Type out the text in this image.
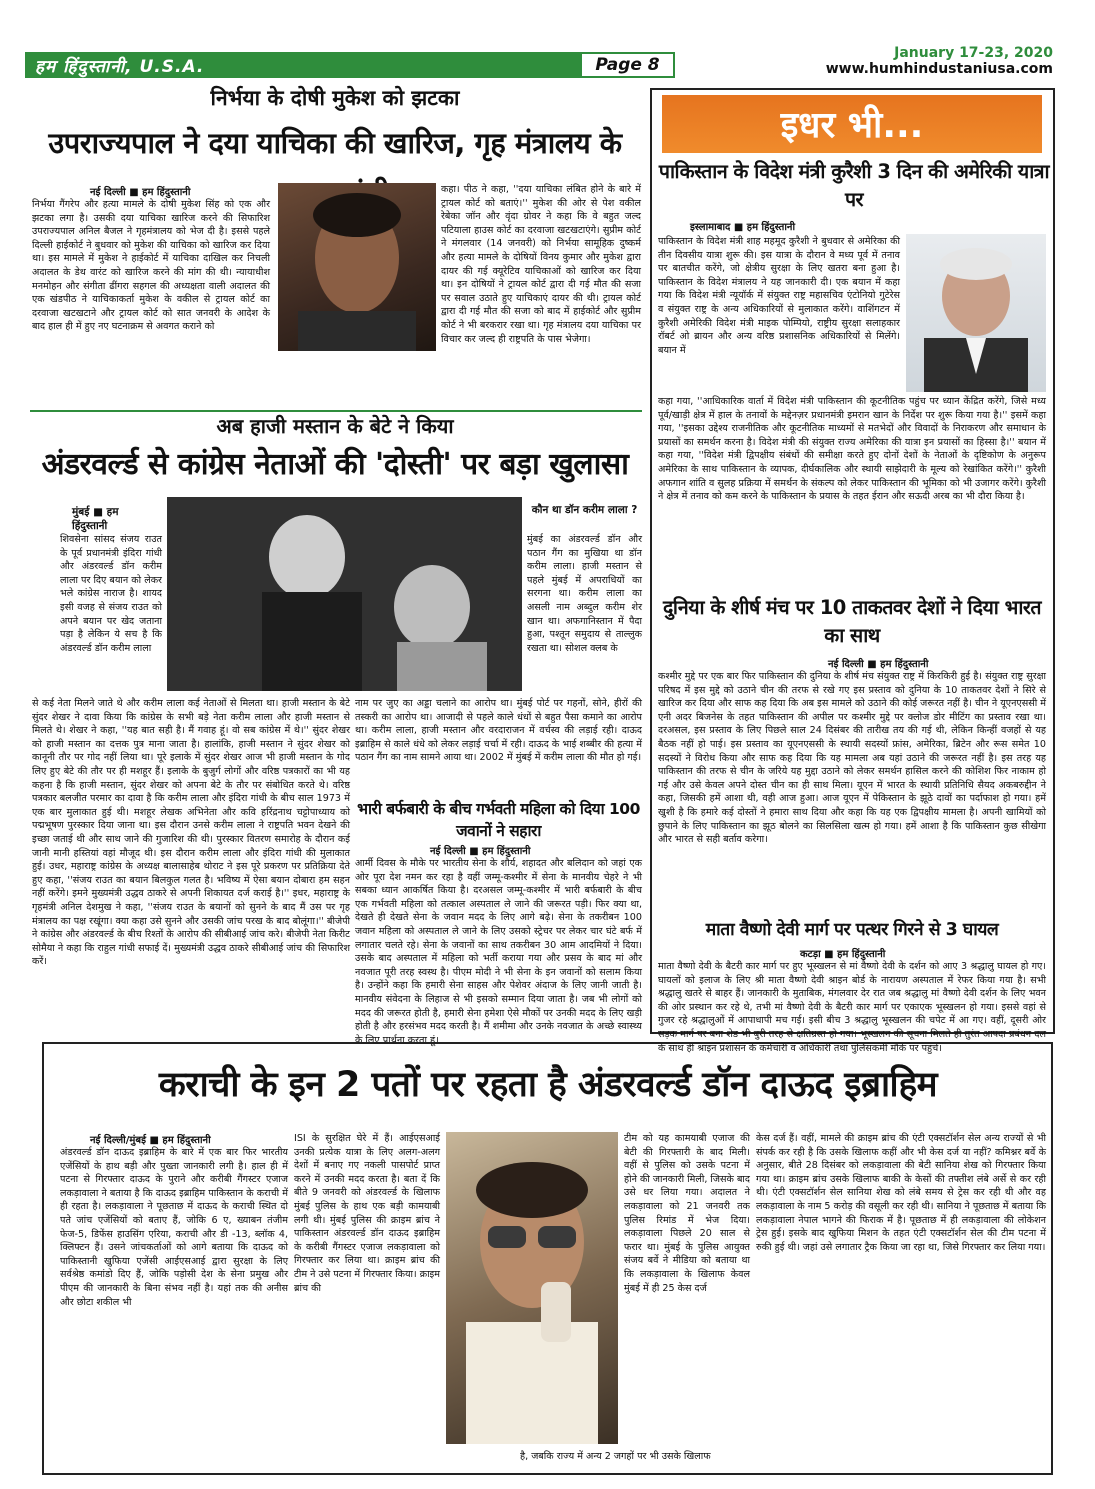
हम हिंदुस्तानी, U.S.A.	Page 8
January 17-23, 2020
www.humhindustaniusa.com
निर्भया के दोषी मुकेश को झटका
उपराज्यपाल ने दया याचिका की खारिज, गृह मंत्रालय के
नई दिल्ली ■ हम हिंदुस्तानी
निर्भया गैंगरेप और हत्या मामले के दोषी मुकेश सिंह को एक और झटका लगा है। उसकी दया याचिका खारिज करने की सिफारिश उपराज्यपाल अनिल बैजल ने गृहमंत्रालय को भेज दी है। इससे पहले दिल्ली हाईकोर्ट ने बुधवार को मुकेश की याचिका को खारिज कर दिया था। इस मामले में मुकेश ने हाईकोर्ट में याचिका दाखिल कर निचली अदालत के डेथ वारंट को खारिज करने की मांग की थी। न्यायाधीश मनमोहन और संगीता ढींगरा सहगल की अध्यक्षता वाली अदालत की एक खंडपीठ ने याचिकाकर्ता मुकेश के वकील से ट्रायल कोर्ट का दरवाजा खटखटाने और ट्रायल कोर्ट को सात जनवरी के आदेश के बाद हाल ही में हुए नए घटनाक्रम से अवगत कराने को
कहा। पीठ ने कहा, ''दया याचिका लंबित होने के बारे में ट्रायल कोर्ट को बताएं।'' मुकेश की ओर से पेश वकील रेबेका जॉन और वृंदा ग्रोवर ने कहा कि वे बहुत जल्द पटियाला हाउस कोर्ट का दरवाजा खटखटाएंगे। सुप्रीम कोर्ट ने मंगलवार (14 जनवरी) को निर्भया सामूहिक दुष्कर्म और हत्या मामले के दोषियों विनय कुमार और मुकेश द्वारा दायर की गई क्यूरेटिव याचिकाओं को खारिज कर दिया था। इन दोषियों ने ट्रायल कोर्ट द्वारा दी गई मौत की सजा पर सवाल उठाते हुए याचिकाएं दायर की थी। ट्रायल कोर्ट द्वारा दी गई मौत की सजा को बाद में हाईकोर्ट और सुप्रीम कोर्ट ने भी बरकरार रखा था। गृह मंत्रालय दया याचिका पर विचार कर जल्द ही राष्ट्रपति के पास भेजेगा।
अब हाजी मस्तान के बेटे ने किया
अंडरवर्ल्ड से कांग्रेस नेताओं की 'दोस्ती' पर बड़ा खुलासा
मुंबई ■ हम हिंदुस्तानी
शिवसेना सांसद संजय राउत के पूर्व प्रधानमंत्री इंदिरा गांधी और अंडरवर्ल्ड डॉन करीम लाला पर दिए बयान को लेकर भले कांग्रेस नाराज है। शायद इसी वजह से संजय राउत को अपने बयान पर खेद जताना पड़ा है लेकिन ये सच है कि अंडरवर्ल्ड डॉन करीम लाला
कौन था डॉन करीम लाला ?
मुंबई का अंडरवर्ल्ड डॉन और पठान गैंग का मुखिया था डॉन करीम लाला। हाजी मस्तान से पहले मुंबई में अपराधियों का सरगना था। करीम लाला का असली नाम अब्दुल करीम शेर खान था। अफगानिस्तान में पैदा हुआ, पश्तून समुदाय से ताल्लुक रखता था। सोशल क्लब के
से कई नेता मिलने जाते थे और करीम लाला कई नेताओं से मिलता था। हाजी मस्तान के बेटे सुंदर शेखर ने दावा किया कि कांग्रेस के सभी बड़े नेता करीम लाला और हाजी मस्तान से मिलते थे। शेखर ने कहा, ''यह बात सही है। मैं गवाह हूं। वो सब कांग्रेस में थे।'' सुंदर शेखर को हाजी मस्तान का दत्तक पुत्र माना जाता है। हालांकि, हाजी मस्तान ने सुंदर शेखर को कानूनी तौर पर गोद नहीं लिया था। पूरे इलाके में सुंदर शेखर आज भी हाजी मस्तान के गोद लिए हुए बेटे की तौर पर ही मशहूर हैं। इलाके के बुजुर्ग लोगों और वरिष्ठ पत्रकारों का भी यह कहना है कि हाजी मस्तान, सुंदर शेखर को अपना बेटे के तौर पर संबोधित करते थे। वरिष्ठ पत्रकार बलजीत परमार का दावा है कि करीम लाला और इंदिरा गांधी के बीच साल 1973 में एक बार मुलाकात हुई थी। मशहूर लेखक अभिनेता और कवि हरिंद्रनाथ चट्टोपाध्याय को पद्मभूषण पुरस्कार दिया जाना था। इस दौरान उनसे करीम लाला ने राष्ट्रपति भवन देखने की इच्छा जताई थी और साथ जाने की गुजारिश की थी। पुरस्कार वितरण समारोह के दौरान कई जानी मानी हस्तियां वहां मौजूद थी। इस दौरान करीम लाला और इंदिरा गांधी की मुलाकात हुई। उधर, महाराष्ट्र कांग्रेस के अध्यक्ष बालासाहेब थोराट ने इस पूरे प्रकरण पर प्रतिक्रिया देते हुए कहा, ''संजय राउत का बयान बिलकुल गलत है। भविष्य में ऐसा बयान दोबारा हम सहन नहीं करेंगे। इमने मुख्यमंत्री उद्धव ठाकरे से अपनी शिकायत दर्ज कराई है।'' इधर, महाराष्ट्र के गृहमंत्री अनिल देशमुख ने कहा, ''संजय राउत के बयानों को सुनने के बाद मैं उस पर गृह मंत्रालय का पक्ष रखूंगा। क्या कहा उसे सुनने और उसकी जांच परख के बाद बोलूंगा।'' बीजेपी ने कांग्रेस और अंडरवर्ल्ड के बीच रिश्तों के आरोप की सीबीआई जांच करे। बीजेपी नेता किरीट सोमैया ने कहा कि राहुल गांधी सफाई दें। मुख्यमंत्री उद्धव ठाकरे सीबीआई जांच की सिफारिश करें।
नाम पर जुए का अड्डा चलाने का आरोप था। मुंबई पोर्ट पर गहनों, सोने, हीरों की तस्करी का आरोप था। आजादी से पहले काले धंधों से बहुत पैसा कमाने का आरोप था। करीम लाला, हाजी मस्तान और वरदाराजन में वर्चस्व की लड़ाई रही। दाऊद इब्राहिम से काले धंधे को लेकर लड़ाई चर्चा में रही। दाऊद के भाई शब्बीर की हत्या में पठान गैंग का नाम सामने आया था। 2002 में मुंबई में करीम लाला की मौत हो गई।
भारी बर्फबारी के बीच गर्भवती महिला को दिया 100 जवानों ने सहारा
नई दिल्ली ■ हम हिंदुस्तानी
आर्मी दिवस के मौके पर भारतीय सेना के शौर्य, शहादत और बलिदान को जहां एक ओर पूरा देश नमन कर रहा है वहीं जम्मू-कश्मीर में सेना के मानवीय चेहरे ने भी सबका ध्यान आकर्षित किया है। दरअसल जम्मू-कश्मीर में भारी बर्फबारी के बीच एक गर्भवती महिला को तत्काल अस्पताल ले जाने की जरूरत पड़ी। फिर क्या था, देखते ही देखते सेना के जवान मदद के लिए आगे बढ़े। सेना के तकरीबन 100 जवान महिला को अस्पताल ले जाने के लिए उसको स्ट्रेचर पर लेकर चार घंटे बर्फ में लगातार चलते रहे। सेना के जवानों का साथ तकरीबन 30 आम आदमियों ने दिया। उसके बाद अस्पताल में महिला को भर्ती कराया गया और प्रसव के बाद मां और नवजात पूरी तरह स्वस्थ है। पीएम मोदी ने भी सेना के इन जवानों को सलाम किया है। उन्होंने कहा कि हमारी सेना साहस और पेशेवर अंदाज के लिए जानी जाती है। मानवीय संवेदना के लिहाज से भी इसको सम्मान दिया जाता है। जब भी लोगों को मदद की जरूरत होती है, हमारी सेना हमेशा ऐसे मौकों पर उनकी मदद के लिए खड़ी होती है और हरसंभव मदद करती है। मैं शमीमा और उनके नवजात के अच्छे स्वास्थ्य के लिए प्रार्थना करता हूं।
इधर भी...
पाकिस्तान के विदेश मंत्री कुरैशी 3 दिन की अमेरिकी यात्रा पर
इस्लामाबाद ■ हम हिंदुस्तानी
पाकिस्तान के विदेश मंत्री शाह महमूद कुरैशी ने बुधवार से अमेरिका की तीन दिवसीय यात्रा शुरू की। इस यात्रा के दौरान वे मध्य पूर्व में तनाव पर बातचीत करेंगे, जो क्षेत्रीय सुरक्षा के लिए खतरा बना हुआ है। पाकिस्तान के विदेश मंत्रालय ने यह जानकारी दी। एक बयान में कहा गया कि विदेश मंत्री न्यूयॉर्क में संयुक्त राष्ट्र महासचिव एंटोनियो गुटेरेस व संयुक्त राष्ट्र के अन्य अधिकारियों से मुलाकात करेंगे। वाशिंगटन में कुरैशी अमेरिकी विदेश मंत्री माइक पोम्पियो, राष्ट्रीय सुरक्षा सलाहकार रॉबर्ट ओ ब्रायन और अन्य वरिष्ठ प्रशासनिक अधिकारियों से मिलेंगे। बयान में
कहा गया, ''आधिकारिक वार्ता में विदेश मंत्री पाकिस्तान की कूटनीतिक पहुंच पर ध्यान केंद्रित करेंगे, जिसे मध्य पूर्व/खाड़ी क्षेत्र में हाल के तनावों के मद्देनज़र प्रधानमंत्री इमरान खान के निर्देश पर शुरू किया गया है।'' इसमें कहा गया, ''इसका उद्देश्य राजनीतिक और कूटनीतिक माध्यमों से मतभेदों और विवादों के निराकरण और समाधान के प्रयासों का समर्थन करना है। विदेश मंत्री की संयुक्त राज्य अमेरिका की यात्रा इन प्रयासों का हिस्सा है।'' बयान में कहा गया, ''विदेश मंत्री द्विपक्षीय संबंधों की समीक्षा करते हुए दोनों देशों के नेताओं के दृष्टिकोण के अनुरूप अमेरिका के साथ पाकिस्तान के व्यापक, दीर्घकालिक और स्थायी साझेदारी के मूल्य को रेखांकित करेंगे।'' कुरैशी अफगान शांति व सुलह प्रक्रिया में समर्थन के संकल्प को लेकर पाकिस्तान की भूमिका को भी उजागर करेंगे। कुरैशी ने क्षेत्र में तनाव को कम करने के पाकिस्तान के प्रयास के तहत ईरान और सऊदी अरब का भी दौरा किया है।
दुनिया के शीर्ष मंच पर 10 ताकतवर देशों ने दिया भारत का साथ
नई दिल्ली ■ हम हिंदुस्तानी
कश्मीर मुद्दे पर एक बार फिर पाकिस्तान की दुनिया के शीर्ष मंच संयुक्त राष्ट्र में किरकिरी हुई है। संयुक्त राष्ट्र सुरक्षा परिषद में इस मुद्दे को उठाने चीन की तरफ से रखे गए इस प्रस्ताव को दुनिया के 10 ताकतवर देशों ने सिरे से खारिज कर दिया और साफ कह दिया कि अब इस मामले को उठाने की कोई जरूरत नहीं है। चीन ने यूएनएससी में एनी अदर बिजनेस के तहत पाकिस्तान की अपील पर कश्मीर मुद्दे पर क्लोज डोर मीटिंग का प्रस्ताव रखा था। दरअसल, इस प्रस्ताव के लिए पिछले साल 24 दिसंबर की तारीख तय की गई थी, लेकिन किन्हीं वजहों से यह बैठक नहीं हो पाई। इस प्रस्ताव का यूएनएससी के स्थायी सदस्यों फ्रांस, अमेरिका, ब्रिटेन और रूस समेत 10 सदस्यों ने विरोध किया और साफ कह दिया कि यह मामला अब यहां उठाने की जरूरत नहीं है। इस तरह यह पाकिस्तान की तरफ से चीन के जरिये यह मुद्दा उठाने को लेकर समर्थन हासिल करने की कोशिश फिर नाकाम हो गई और उसे केवल अपने दोस्त चीन का ही साथ मिला। यूएन में भारत के स्थायी प्रतिनिधि सैयद अकबरुद्दीन ने कहा, जिसकी हमें आशा थी, वही आज हुआ। आज यूएन में पेकिस्तान के झूठे दावों का पर्दाफाश हो गया। हमें खुशी है कि हमारे कई दोस्तों ने हमारा साथ दिया और कहा कि यह एक द्विपक्षीय मामला है। अपनी खामियों को छुपाने के लिए पाकिस्तान का झूठ बोलने का सिलसिला खत्म हो गया। हमें आशा है कि पाकिस्तान कुछ सीखेगा और भारत से सही बर्ताव करेगा।
माता वैष्णो देवी मार्ग पर पत्थर गिरने से 3 घायल
कटड़ा ■ हम हिंदुस्तानी
माता वैष्णो देवी के बैटरी कार मार्ग पर हुए भूस्खलन से मां वैष्णो देवी के दर्शन को आए 3 श्रद्धालु घायल हो गए। घायलों को इलाज के लिए श्री माता वैष्णो देवी श्राइन बोर्ड के नारायण अस्पताल में रेफर किया गया है। सभी श्रद्धालु खतरे से बाहर हैं। जानकारी के मुताबिक, मंगलवार देर रात जब श्रद्धालु मां वैष्णो देवी दर्शन के लिए भवन की ओर प्रस्थान कर रहे थे, तभी मां वैष्णो देवी के बैटरी कार मार्ग पर एकाएक भूस्खलन हो गया। इससे वहां से गुजर रहे श्रद्धालुओं में आपाधापी मच गई। इसी बीच 3 श्रद्धालु भूस्खलन की चपेट में आ गए। वहीं, दूसरी ओर सड़क मार्ग पर बना शेड भी बुरी तरह से क्षतिग्रस्त हो गया। भूस्खलन की सूचना मिलते ही तुरंत आपदा प्रबंधन दल के साथ ही श्राइन प्रशासन के कर्मचारी व अधिकारी तथा पुलिसकर्मी मौके पर पहुंचे।
कराची के इन 2 पतों पर रहता है अंडरवर्ल्ड डॉन दाऊद इब्राहिम
नई दिल्ली/मुंबई ■ हम हिंदुस्तानी
अंडरवर्ल्ड डॉन दाऊद इब्राहिम के बारे में एक बार फिर भारतीय एजेंसियों के हाथ बड़ी और पुख्ता जानकारी लगी है। हाल ही में पटना से गिरफ्तार दाऊद के पुराने और करीबी गैंगस्टर एजाज लकड़ावाला ने बताया है कि दाऊद इब्राहिम पाकिस्तान के कराची में ही रहता है। लकड़ावाला ने पूछताछ में दाऊद के कराची स्थित दो पते जांच एजेंसियों को बताए हैं, जोकि 6 ए, ख्याबन तंजीम फेज-5, डिफेंस हाउसिंग एरिया, कराची और डी -13, ब्लॉक 4, क्लिफ्टन हैं। उसने जांचकर्ताओं को आगे बताया कि दाऊद को पाकिस्तानी खुफिया एजेंसी आईएसआई द्वारा सुरक्षा के लिए सर्वश्रेष्ठ कमांडो दिए हैं, जोकि पड़ोसी देश के सेना प्रमुख और पीएम की जानकारी के बिना संभव नहीं है। यहां तक की अनीस और छोटा शकील भी
ISI के सुरक्षित घेरे में हैं। आईएसआई उनकी प्रत्येक यात्रा के लिए अलग-अलग देशों में बनाए गए नकली पासपोर्ट प्राप्त करने में उनकी मदद करता है। बता दें कि बीते 9 जनवरी को अंडरवर्ल्ड के खिलाफ मुंबई पुलिस के हाथ एक बड़ी कामयाबी लगी थी। मुंबई पुलिस की क्राइम ब्रांच ने पाकिस्तान अंडरवर्ल्ड डॉन दाऊद इब्राहिम के करीबी गैंगस्टर एजाज लकड़ावाला को गिरफ्तार कर लिया था। क्राइम ब्रांच की टीम ने उसे पटना में गिरफ्तार किया। क्राइम ब्रांच की
टीम को यह कामयाबी एजाज की बेटी की गिरफ्तारी के बाद मिली। वहीं से पुलिस को उसके पटना में होने की जानकारी मिली, जिसके बाद उसे धर लिया गया। अदालत ने लकड़ावाला को 21 जनवरी तक पुलिस रिमांड में भेज दिया। लकड़ावाला पिछले 20 साल से फरार था। मुंबई के पुलिस आयुक्त संजय बर्वे ने मीडिया को बताया था कि लकड़ावाला के खिलाफ केवल मुंबई में ही 25 केस दर्ज
केस दर्ज हैं। वहीं, मामले की क्राइम ब्रांच की एंटी एक्सटॉर्शन सेल अन्य राज्यों से भी संपर्क कर रही है कि उसके खिलाफ कहीं और भी केस दर्ज या नहीं? कमिश्नर बर्वे के अनुसार, बीते 28 दिसंबर को लकड़ावाला की बेटी सानिया शेख को गिरफ्तार किया गया था। क्राइम ब्रांच उसके खिलाफ बाकी के केसों की तफ्तीश लंबे अर्से से कर रही थी। एंटी एक्सटॉर्शन सेल सानिया शेख को लंबे समय से ट्रेस कर रही थी और वह लकड़ावाला के नाम 5 करोड़ की वसूली कर रही थी। सानिया ने पूछताछ में बताया कि लकड़ावाला नेपाल भागने की फिराक में है। पूछताछ में ही लकड़ावाला की लोकेशन ट्रेस हुई। इसके बाद खुफिया मिशन के तहत एंटी एक्सटॉर्शन सेल की टीम पटना में रुकी हुई थी। जहां उसे लगातार ट्रैक किया जा रहा था, जिसे गिरफ्तार कर लिया गया।
है, जबकि राज्य में अन्य 2 जगहों पर भी उसके खिलाफ
